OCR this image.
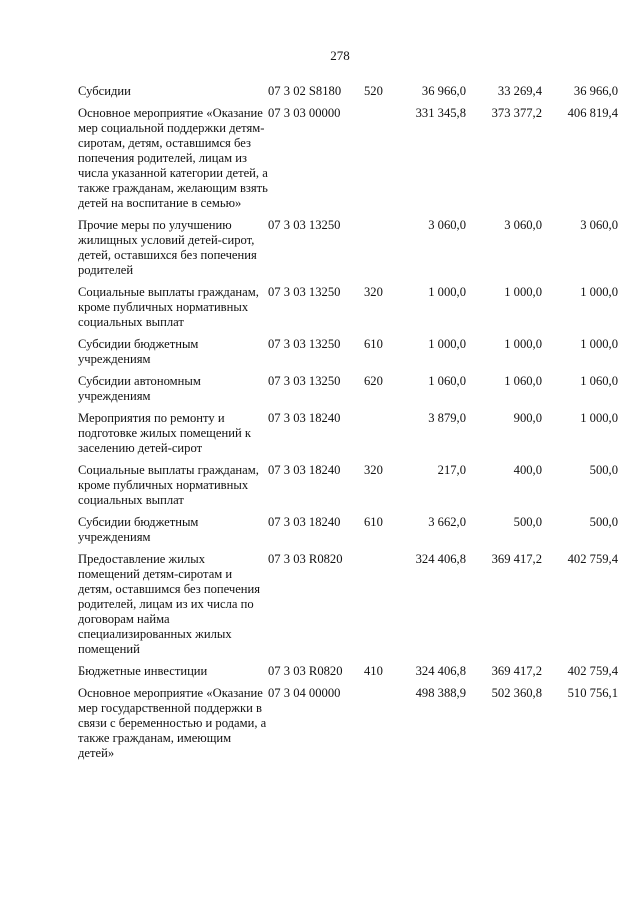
278
Субсидии	07 3 02 S8180	520	36 966,0	33 269,4	36 966,0

Основное мероприятие «Оказание мер социальной поддержки детям-сиротам, детям, оставшимся без попечения родителей, лицам из числа указанной категории детей, а также гражданам, желающим взять детей на воспитание в семью»	07 3 03 00000		331 345,8	373 377,2	406 819,4
Прочие меры по улучшению жилищных условий детей-сирот, детей, оставшихся без попечения родителей	07 3 03 13250		3 060,0	3 060,0	3 060,0
Социальные выплаты гражданам, кроме публичных нормативных социальных выплат	07 3 03 13250	320	1 000,0	1 000,0	1 000,0
Субсидии бюджетным учреждениям	07 3 03 13250	610	1 000,0	1 000,0	1 000,0
Субсидии автономным учреждениям	07 3 03 13250	620	1 060,0	1 060,0	1 060,0
Мероприятия по ремонту и подготовке жилых помещений к заселению детей-сирот	07 3 03 18240		3 879,0	900,0	1 000,0
Социальные выплаты гражданам, кроме публичных нормативных социальных выплат	07 3 03 18240	320	217,0	400,0	500,0
Субсидии бюджетным учреждениям	07 3 03 18240	610	3 662,0	500,0	500,0
Предоставление жилых помещений детям-сиротам и детям, оставшимся без попечения родителей, лицам из их числа по договорам найма специализированных жилых помещений	07 3 03 R0820		324 406,8	369 417,2	402 759,4
Бюджетные инвестиции	07 3 03 R0820	410	324 406,8	369 417,2	402 759,4
Основное мероприятие «Оказание мер государственной поддержки в связи с беременностью и родами, а также гражданам, имеющим детей»	07 3 04 00000		498 388,9	502 360,8	510 756,1
